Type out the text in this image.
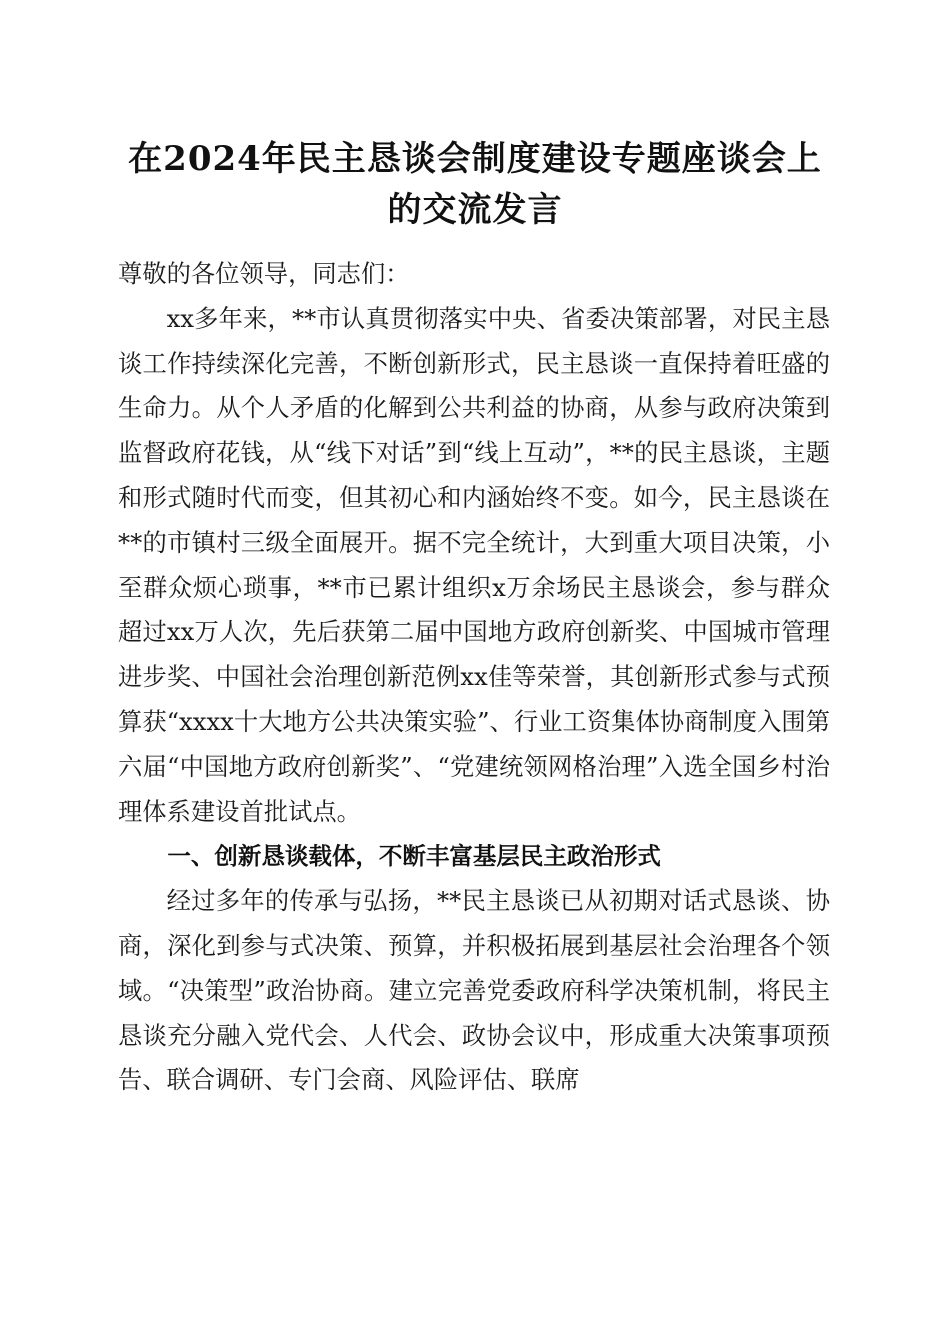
在2024年民主恳谈会制度建设专题座谈会上
的交流发言

尊敬的各位领导，同志们：

xx多年来，**市认真贯彻落实中央、省委决策部署，对民主恳谈工作持续深化完善，不断创新形式，民主恳谈一直保持着旺盛的生命力。从个人矛盾的化解到公共利益的协商，从参与政府决策到监督政府花钱，从“线下对话”到“线上互动”，**的民主恳谈，主题和形式随时代而变，但其初心和内涵始终不变。如今，民主恳谈在**的市镇村三级全面展开。据不完全统计，大到重大项目决策，小至群众烦心琐事，**市已累计组织x万余场民主恳谈会，参与群众超过xx万人次，先后获第二届中国地方政府创新奖、中国城市管理进步奖、中国社会治理创新范例xx佳等荣誉，其创新形式参与式预算获“xxxx十大地方公共决策实验”、行业工资集体协商制度入围第六届“中国地方政府创新奖”、“党建统领网格治理”入选全国乡村治理体系建设首批试点。

一、创新恳谈载体，不断丰富基层民主政治形式

经过多年的传承与弘扬，**民主恳谈已从初期对话式恳谈、协商，深化到参与式决策、预算，并积极拓展到基层社会治理各个领域。“决策型”政治协商。建立完善党委政府科学决策机制，将民主恳谈充分融入党代会、人代会、政协会议中，形成重大决策事项预告、联合调研、专门会商、风险评估、联席
